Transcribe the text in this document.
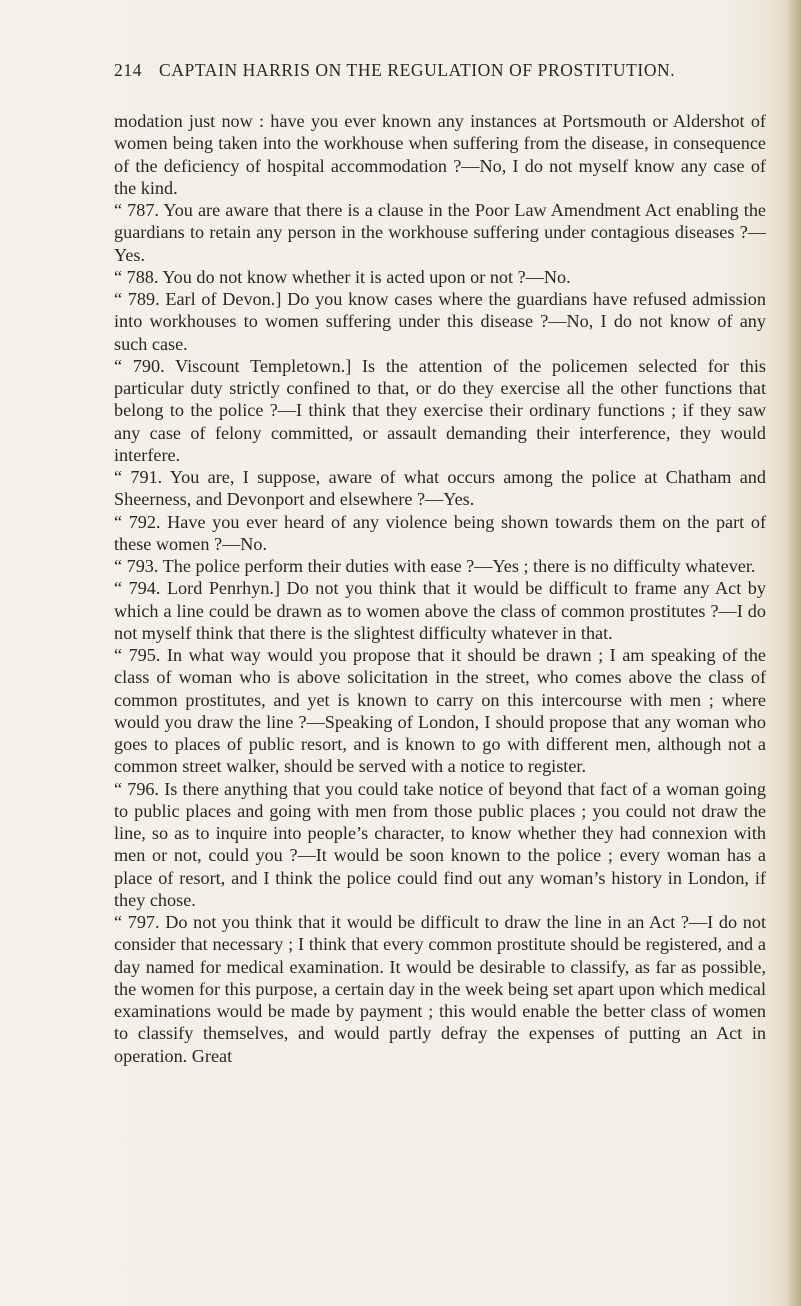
214 CAPTAIN HARRIS ON THE REGULATION OF PROSTITUTION.

modation just now : have you ever known any instances at Portsmouth or Aldershot of women being taken into the workhouse when suffering from the disease, in consequence of the deficiency of hospital accommodation ?—No, I do not myself know any case of the kind.

“ 787. You are aware that there is a clause in the Poor Law Amendment Act enabling the guardians to retain any person in the workhouse suffering under contagious diseases ?—Yes.

“ 788. You do not know whether it is acted upon or not ?—No.

“ 789. Earl of Devon.] Do you know cases where the guardians have refused admission into workhouses to women suffering under this disease ?—No, I do not know of any such case.

“ 790. Viscount Templetown.] Is the attention of the policemen selected for this particular duty strictly confined to that, or do they exercise all the other functions that belong to the police ?—I think that they exercise their ordinary functions ; if they saw any case of felony committed, or assault demanding their interference, they would interfere.

“ 791. You are, I suppose, aware of what occurs among the police at Chatham and Sheerness, and Devonport and elsewhere ?—Yes.

“ 792. Have you ever heard of any violence being shown towards them on the part of these women ?—No.

“ 793. The police perform their duties with ease ?—Yes ; there is no difficulty whatever.

“ 794. Lord Penrhyn.] Do not you think that it would be difficult to frame any Act by which a line could be drawn as to women above the class of common prostitutes ?—I do not myself think that there is the slightest difficulty whatever in that.

“ 795. In what way would you propose that it should be drawn ; I am speaking of the class of woman who is above solicitation in the street, who comes above the class of common prostitutes, and yet is known to carry on this intercourse with men ; where would you draw the line ?—Speaking of London, I should propose that any woman who goes to places of public resort, and is known to go with different men, although not a common street walker, should be served with a notice to register.

“ 796. Is there anything that you could take notice of beyond that fact of a woman going to public places and going with men from those public places ; you could not draw the line, so as to inquire into people’s character, to know whether they had connexion with men or not, could you ?—It would be soon known to the police ; every woman has a place of resort, and I think the police could find out any woman’s history in London, if they chose.

“ 797. Do not you think that it would be difficult to draw the line in an Act ?—I do not consider that necessary ; I think that every common prostitute should be registered, and a day named for medical examination. It would be desirable to classify, as far as possible, the women for this purpose, a certain day in the week being set apart upon which medical examinations would be made by payment ; this would enable the better class of women to classify themselves, and would partly defray the expenses of putting an Act in operation. Great
